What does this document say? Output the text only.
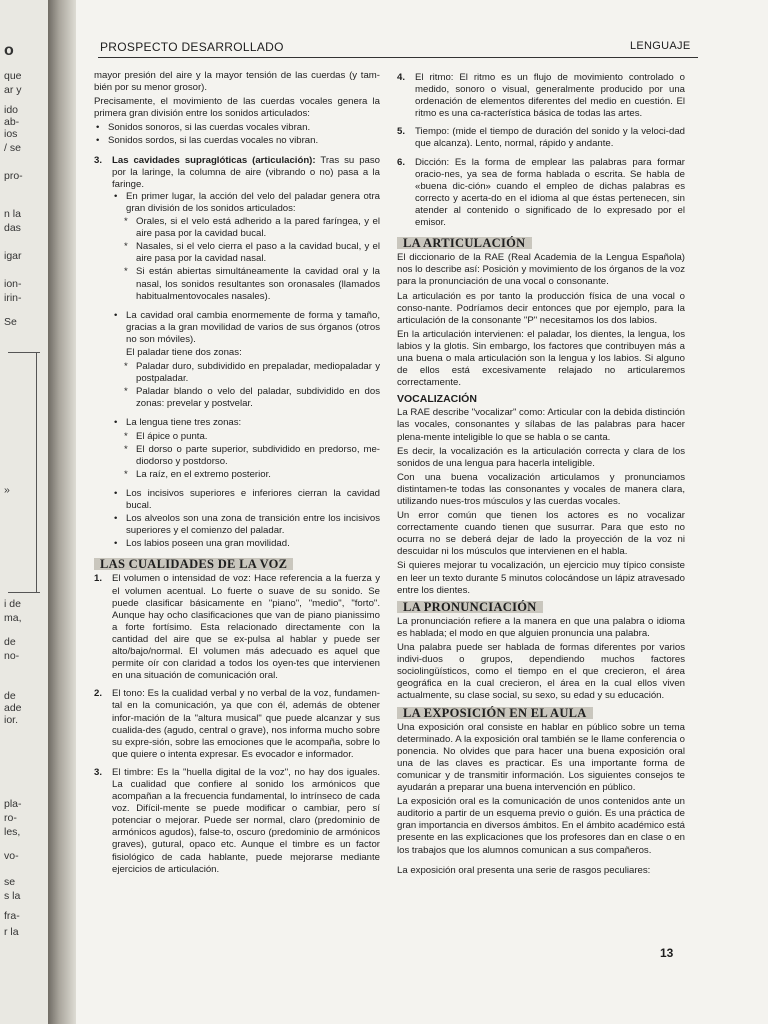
o
que
ar y
ido
ab-
ios
/ se
pro-
n la
das
igar
ion-
irin-
Se
»
i de
ma,
de
no-
de
ade
ior.
pla-
ro-
les,
vo-
se
s la
fra-
r la
PROSPECTO DESARROLLADO	LENGUAJE

mayor presión del aire y la mayor tensión de las cuerdas (y tam-bién por su menor grosor).

Precisamente, el movimiento de las cuerdas vocales genera la primera gran división entre los sonidos articulados:

• Sonidos sonoros, si las cuerdas vocales vibran.
• Sonidos sordos, si las cuerdas vocales no vibran.
3. Las cavidades supraglóticas (articulación): Tras su paso por la laringe, la columna de aire (vibrando o no) pasa a la faringe.
• En primer lugar, la acción del velo del paladar genera otra gran división de los sonidos articulados:
* Orales, si el velo está adherido a la pared faríngea, y el aire pasa por la cavidad bucal.
* Nasales, si el velo cierra el paso a la cavidad bucal, y el aire pasa por la cavidad nasal.
* Si están abiertas simultáneamente la cavidad oral y la nasal, los sonidos resultantes son oronasales (llamados habitualmentovocales nasales).
• La cavidad oral cambia enormemente de forma y tamaño, gracias a la gran movilidad de varios de sus órganos (otros no son móviles).

El paladar tiene dos zonas:

* Paladar duro, subdividido en prepaladar, mediopaladar y postpaladar.
* Paladar blando o velo del paladar, subdividido en dos zonas: prevelar y postvelar.
• La lengua tiene tres zonas:
* El ápice o punta.
* El dorso o parte superior, subdividido en predorso, me-diodorso y postdorso.
* La raíz, en el extremo posterior.
• Los incisivos superiores e inferiores cierran la cavidad bucal.
• Los alveolos son una zona de transición entre los incisivos superiores y el comienzo del paladar.
• Los labios poseen una gran movilidad.
LAS CUALIDADES DE LA VOZ
1. El volumen o intensidad de voz: Hace referencia a la fuerza y el volumen acentual. Lo fuerte o suave de su sonido. Se puede clasificar básicamente en "piano", "medio", "forto". Aunque hay ocho clasificaciones que van de piano pianissimo a forte fortísimo. Esta relacionado directamente con la cantidad del aire que se ex-pulsa al hablar y puede ser alto/bajo/normal. El volumen más adecuado es aquel que permite oír con claridad a todos los oyen-tes que intervienen en una situación de comunicación oral.
2. El tono: Es la cualidad verbal y no verbal de la voz, fundamen-tal en la comunicación, ya que con él, además de obtener infor-mación de la "altura musical" que puede alcanzar y sus cualida-des (agudo, central o grave), nos informa mucho sobre su expre-sión, sobre las emociones que le acompaña, sobre lo que quiere o intenta expresar. Es evocador e informador.
3. El timbre: Es la "huella digital de la voz", no hay dos iguales. La cualidad que confiere al sonido los armónicos que acompañan a la frecuencia fundamental, lo intrínseco de cada voz. Difícil-mente se puede modificar o cambiar, pero sí potenciar o mejorar. Puede ser normal, claro (predominio de armónicos agudos), false-to, oscuro (predominio de armónicos graves), gutural, opaco etc. Aunque el timbre es un factor fisiológico de cada hablante, puede mejorarse mediante ejercicios de articulación.
4. El ritmo: El ritmo es un flujo de movimiento controlado o medido, sonoro o visual, generalmente producido por una ordenación de elementos diferentes del medio en cuestión. El ritmo es una ca-racterística básica de todas las artes.
5. Tiempo: (mide el tiempo de duración del sonido y la veloci-dad que alcanza). Lento, normal, rápido y andante.
6. Dicción: Es la forma de emplear las palabras para formar oracio-nes, ya sea de forma hablada o escrita. Se habla de «buena dic-ción» cuando el empleo de dichas palabras es correcto y acerta-do en el idioma al que éstas pertenecen, sin atender al contenido o significado de lo expresado por el emisor.
LA ARTICULACIÓN

El diccionario de la RAE (Real Academia de la Lengua Española) nos lo describe así: Posición y movimiento de los órganos de la voz para la pronunciación de una vocal o consonante.

La articulación es por tanto la producción física de una vocal o conso-nante. Podríamos decir entonces que por ejemplo, para la articulación de la consonante "P" necesitamos los dos labios.

En la articulación intervienen: el paladar, los dientes, la lengua, los labios y la glotis. Sin embargo, los factores que contribuyen más a una buena o mala articulación son la lengua y los labios. Si alguno de ellos está excesivamente relajado no articularemos correctamente.

VOCALIZACIÓN

La RAE describe "vocalizar" como: Articular con la debida distinción las vocales, consonantes y sílabas de las palabras para hacer plena-mente inteligible lo que se habla o se canta.

Es decir, la vocalización es la articulación correcta y clara de los sonidos de una lengua para hacerla inteligible.

Con una buena vocalización articulamos y pronunciamos distintamen-te todas las consonantes y vocales de manera clara, utilizando nues-tros músculos y las cuerdas vocales.

Un error común que tienen los actores es no vocalizar correctamente cuando tienen que susurrar. Para que esto no ocurra no se deberá dejar de lado la proyección de la voz ni descuidar ni los músculos que intervienen en el habla.

Si quieres mejorar tu vocalización, un ejercicio muy típico consiste en leer un texto durante 5 minutos colocándose un lápiz atravesado entre los dientes.

LA PRONUNCIACIÓN

La pronunciación refiere a la manera en que una palabra o idioma es hablada; el modo en que alguien pronuncia una palabra.

Una palabra puede ser hablada de formas diferentes por varios indivi-duos o grupos, dependiendo muchos factores sociolingüísticos, como el tiempo en el que crecieron, el área geográfica en la cual crecieron, el área en la cual ellos viven actualmente, su clase social, su sexo, su edad y su educación.

LA EXPOSICIÓN EN EL AULA

Una exposición oral consiste en hablar en público sobre un tema determinado. A la exposición oral también se le llame conferencia o ponencia. No olvides que para hacer una buena exposición oral una de las claves es practicar. Es una importante forma de comunicar y de transmitir información. Los siguientes consejos te ayudarán a preparar una buena intervención en público.

La exposición oral es la comunicación de unos contenidos ante un auditorio a partir de un esquema previo o guión. Es una práctica de gran importancia en diversos ámbitos. En el ámbito académico está presente en las explicaciones que los profesores dan en clase o en los trabajos que los alumnos comunican a sus compañeros.

La exposición oral presenta una serie de rasgos peculiares:

13
